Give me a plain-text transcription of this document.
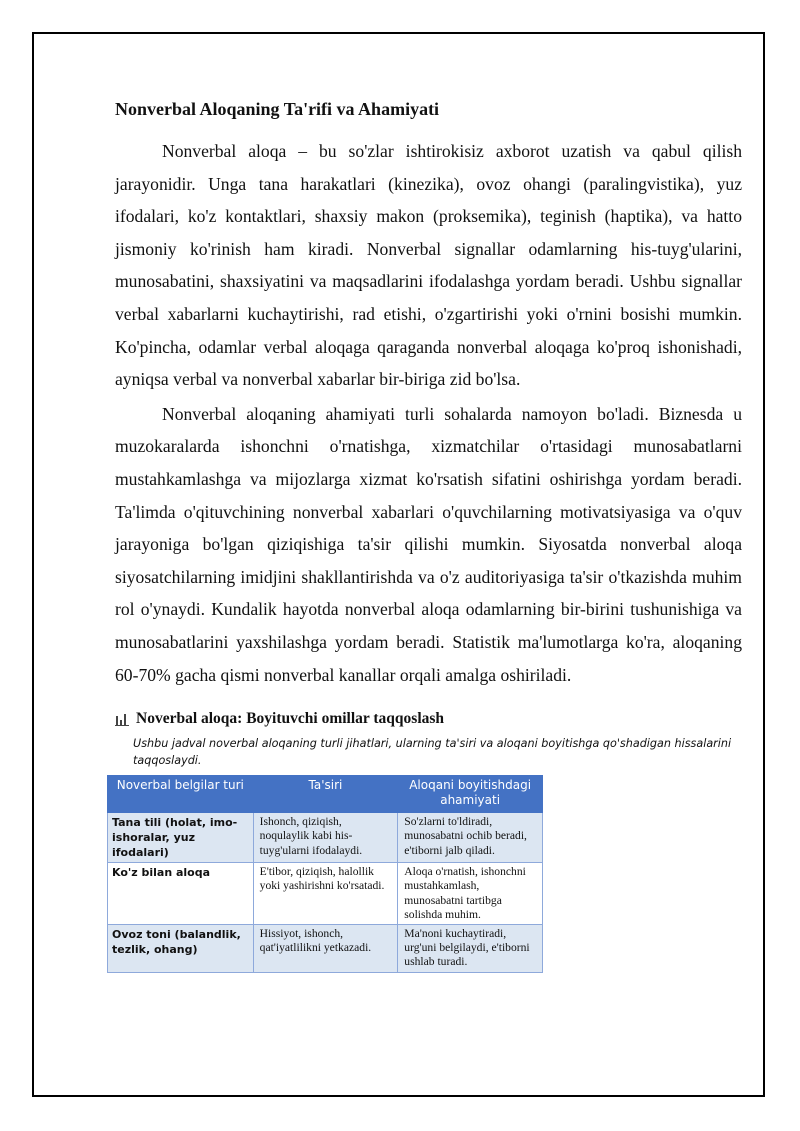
Nonverbal Aloqaning Ta'rifi va Ahamiyati

Nonverbal aloqa – bu so'zlar ishtirokisiz axborot uzatish va qabul qilish jarayonidir. Unga tana harakatlari (kinezika), ovoz ohangi (paralingvistika), yuz ifodalari, ko'z kontaktlari, shaxsiy makon (proksemika), teginish (haptika), va hatto jismoniy ko'rinish ham kiradi. Nonverbal signallar odamlarning his-tuyg'ularini, munosabatini, shaxsiyatini va maqsadlarini ifodalashga yordam beradi. Ushbu signallar verbal xabarlarni kuchaytirishi, rad etishi, o'zgartirishi yoki o'rnini bosishi mumkin. Ko'pincha, odamlar verbal aloqaga qaraganda nonverbal aloqaga ko'proq ishonishadi, ayniqsa verbal va nonverbal xabarlar bir-biriga zid bo'lsa.

Nonverbal aloqaning ahamiyati turli sohalarda namoyon bo'ladi. Biznesda u muzokaralarda ishonchni o'rnatishga, xizmatchilar o'rtasidagi munosabatlarni mustahkamlashga va mijozlarga xizmat ko'rsatish sifatini oshirishga yordam beradi. Ta'limda o'qituvchining nonverbal xabarlari o'quvchilarning motivatsiyasiga va o'quv jarayoniga bo'lgan qiziqishiga ta'sir qilishi mumkin. Siyosatda nonverbal aloqa siyosatchilarning imidjini shakllantirishda va o'z auditoriyasiga ta'sir o'tkazishda muhim rol o'ynaydi. Kundalik hayotda nonverbal aloqa odamlarning bir-birini tushunishiga va munosabatlarini yaxshilashga yordam beradi. Statistik ma'lumotlarga ko'ra, aloqaning 60-70% gacha qismi nonverbal kanallar orqali amalga oshiriladi.

Noverbal aloqa: Boyituvchi omillar taqqoslash
Ushbu jadval noverbal aloqaning turli jihatlari, ularning ta'siri va aloqani boyitishga qo'shadigan hissalarini taqqoslaydi.
Noverbal belgilar turi	Ta'siri	Aloqani boyitishdagi ahamiyati
Tana tili (holat, imo-ishoralar, yuz ifodalari)	Ishonch, qiziqish, noqulaylik kabi his-tuyg'ularni ifodalaydi.	So'zlarni to'ldiradi, munosabatni ochib beradi, e'tiborni jalb qiladi.
Ko'z bilan aloqa	E'tibor, qiziqish, halollik yoki yashirishni ko'rsatadi.	Aloqa o'rnatish, ishonchni mustahkamlash, munosabatni tartibga solishda muhim.
Ovoz toni (balandlik, tezlik, ohang)	Hissiyot, ishonch, qat'iyatlilikni yetkazadi.	Ma'noni kuchaytiradi, urg'uni belgilaydi, e'tiborni ushlab turadi.
